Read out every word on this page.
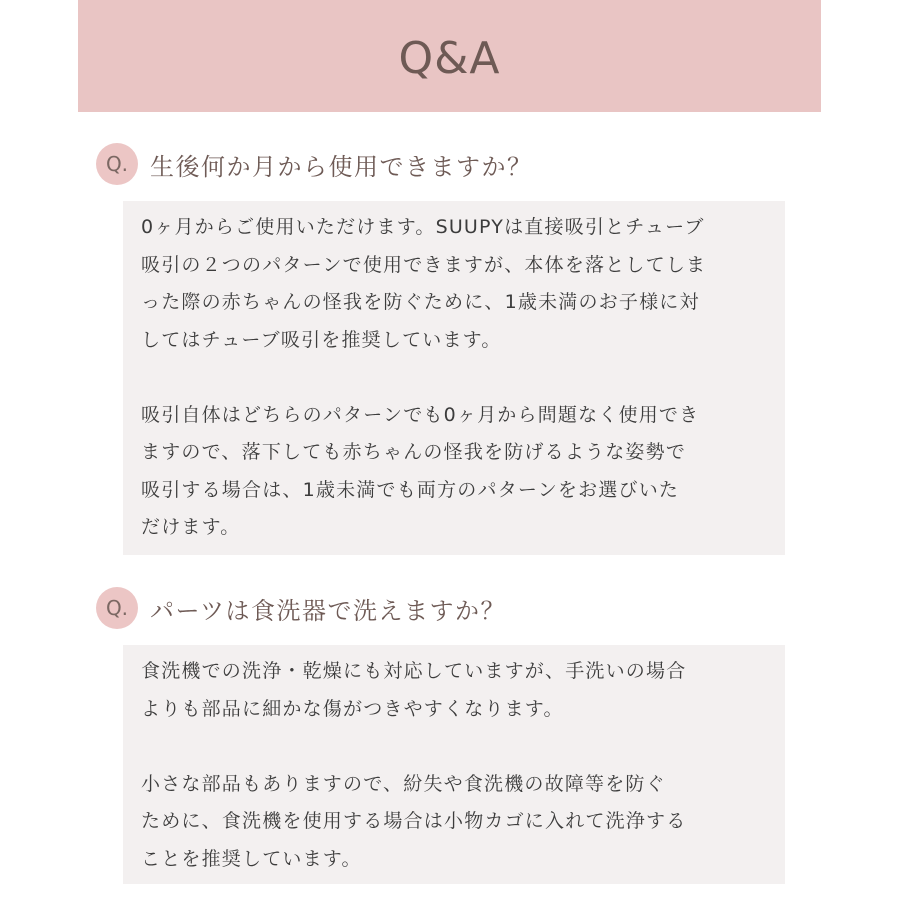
Q&A
Q. 生後何か月から使用できますか？
0ヶ月からご使用いただけます。SUUPYは直接吸引とチューブ
吸引の２つのパターンで使用できますが、本体を落としてしま
った際の赤ちゃんの怪我を防ぐために、1歳未満のお子様に対
してはチューブ吸引を推奨しています。
吸引自体はどちらのパターンでも0ヶ月から問題なく使用でき
ますので、落下しても赤ちゃんの怪我を防げるような姿勢で
吸引する場合は、1歳未満でも両方のパターンをお選びいた
だけます。
Q. パーツは食洗器で洗えますか？
食洗機での洗浄・乾燥にも対応していますが、手洗いの場合
よりも部品に細かな傷がつきやすくなります。
小さな部品もありますので、紛失や食洗機の故障等を防ぐ
ために、食洗機を使用する場合は小物カゴに入れて洗浄する
ことを推奨しています。
